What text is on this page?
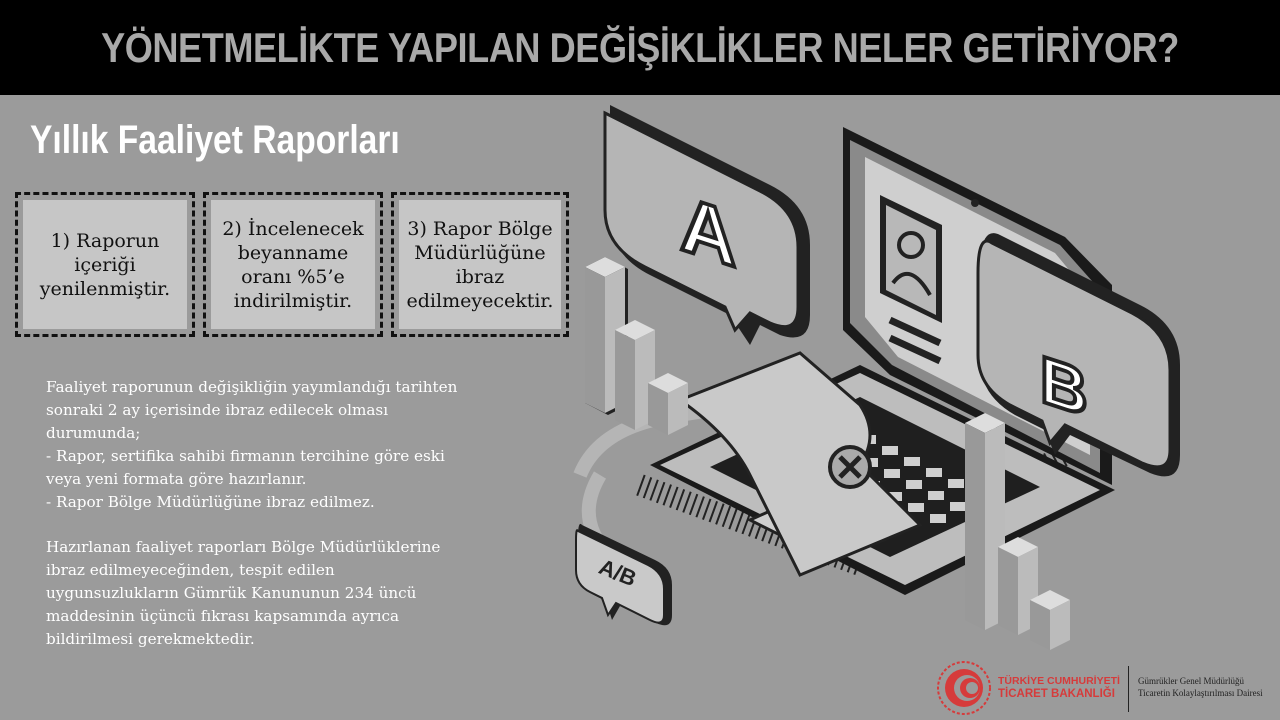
YÖNETMELİKTE YAPILAN DEĞİŞİKLİKLER NELER GETİRİYOR?
Yıllık Faaliyet Raporları
1) Raporun
içeriği
yenilenmiştir.
2) İncelenecek
beyanname
oranı %5’e
indirilmiştir.
3) Rapor Bölge
Müdürlüğüne
ibraz
edilmeyecektir.
Faaliyet raporunun değişikliğin yayımlandığı tarihten
sonraki 2 ay içerisinde ibraz edilecek olması
durumunda;
- Rapor, sertifika sahibi firmanın tercihine göre eski
veya yeni formata göre hazırlanır.
- Rapor Bölge Müdürlüğüne ibraz edilmez.
Hazırlanan faaliyet raporları Bölge Müdürlüklerine
ibraz edilmeyeceğinden, tespit edilen
uygunsuzlukların Gümrük Kanununun 234 üncü
maddesinin üçüncü fıkrası kapsamında ayrıca
bildirilmesi gerekmektedir.
A
B
A/B
TÜRKİYE CUMHURİYETİ
TİCARET BAKANLIĞI
Gümrükler Genel Müdürlüğü
Ticaretin Kolaylaştırılması Dairesi
